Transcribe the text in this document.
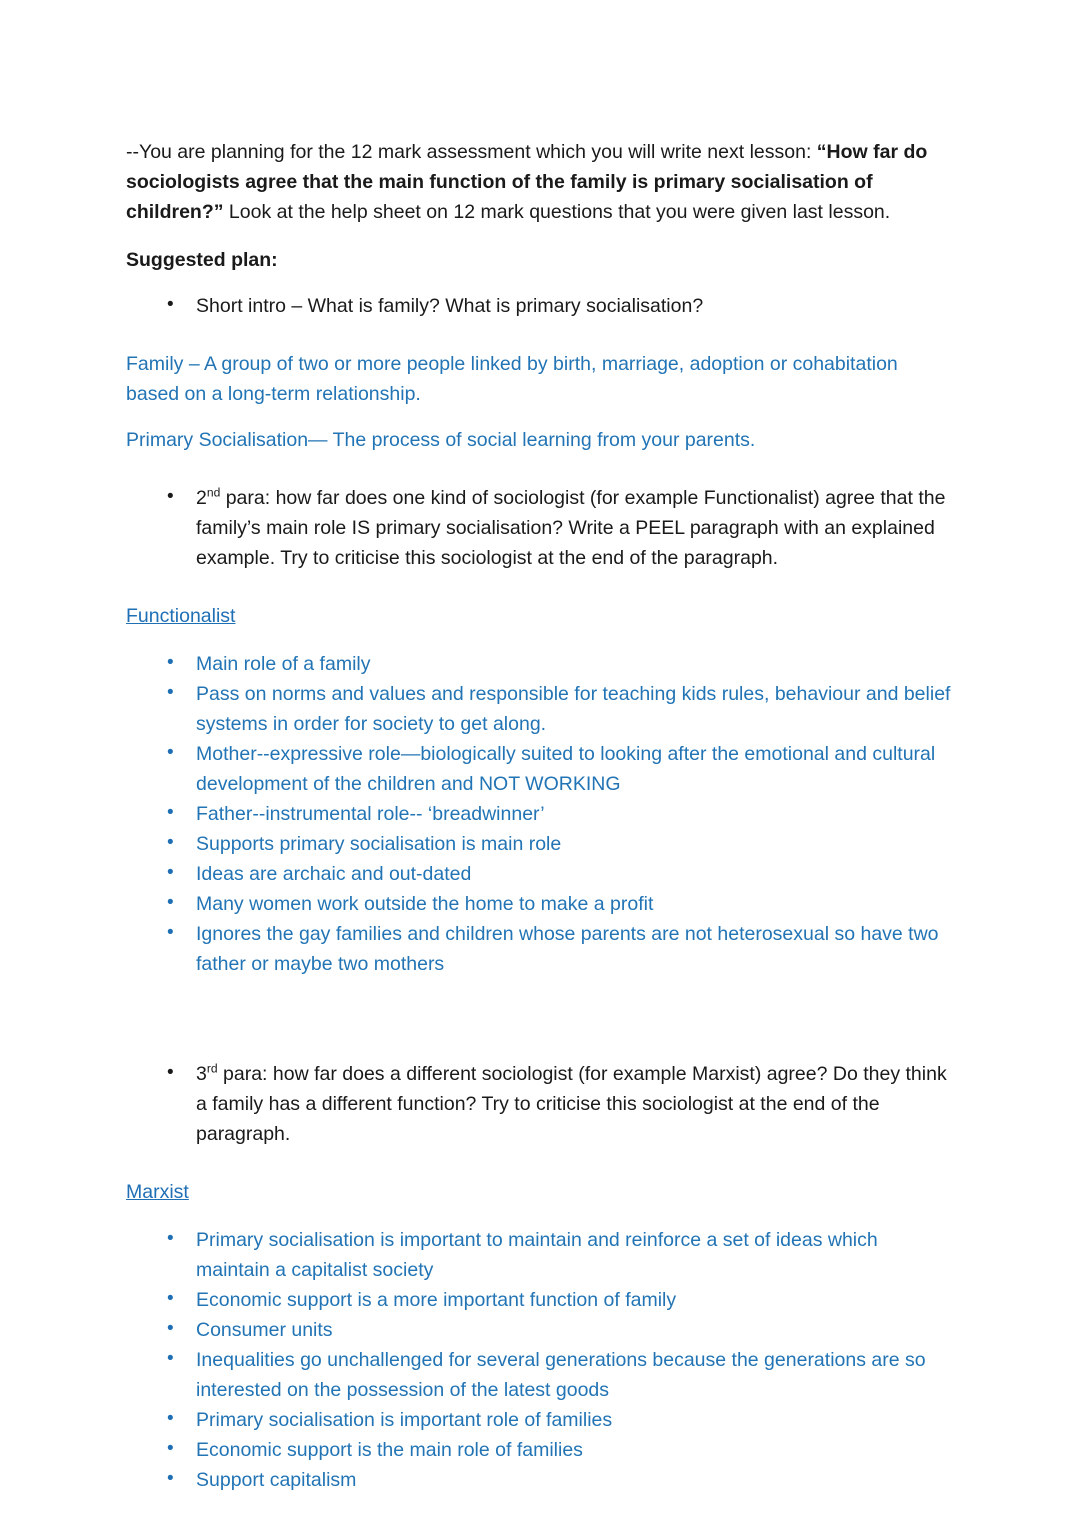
--You are planning for the 12 mark assessment which you will write next lesson: “How far do sociologists agree that the main function of the family is primary socialisation of children?” Look at the help sheet on 12 mark questions that you were given last lesson.

Suggested plan:

• Short intro – What is family? What is primary socialisation?

Family – A group of two or more people linked by birth, marriage, adoption or cohabitation based on a long-term relationship.

Primary Socialisation— The process of social learning from your parents.

• 2nd para: how far does one kind of sociologist (for example Functionalist) agree that the family’s main role IS primary socialisation? Write a PEEL paragraph with an explained example. Try to criticise this sociologist at the end of the paragraph.
Functionalist
• Main role of a family
• Pass on norms and values and responsible for teaching kids rules, behaviour and belief systems in order for society to get along.
• Mother--expressive role—biologically suited to looking after the emotional and cultural development of the children and NOT WORKING
• Father--instrumental role-- ‘breadwinner’
• Supports primary socialisation is main role
• Ideas are archaic and out-dated
• Many women work outside the home to make a profit
• Ignores the gay families and children whose parents are not heterosexual so have two father or maybe two mothers
• 3rd para: how far does a different sociologist (for example Marxist) agree? Do they think a family has a different function? Try to criticise this sociologist at the end of the paragraph.
Marxist
• Primary socialisation is important to maintain and reinforce a set of ideas which maintain a capitalist society
• Economic support is a more important function of family
• Consumer units
• Inequalities go unchallenged for several generations because the generations are so interested on the possession of the latest goods
• Primary socialisation is important role of families
• Economic support is the main role of families
• Support capitalism
